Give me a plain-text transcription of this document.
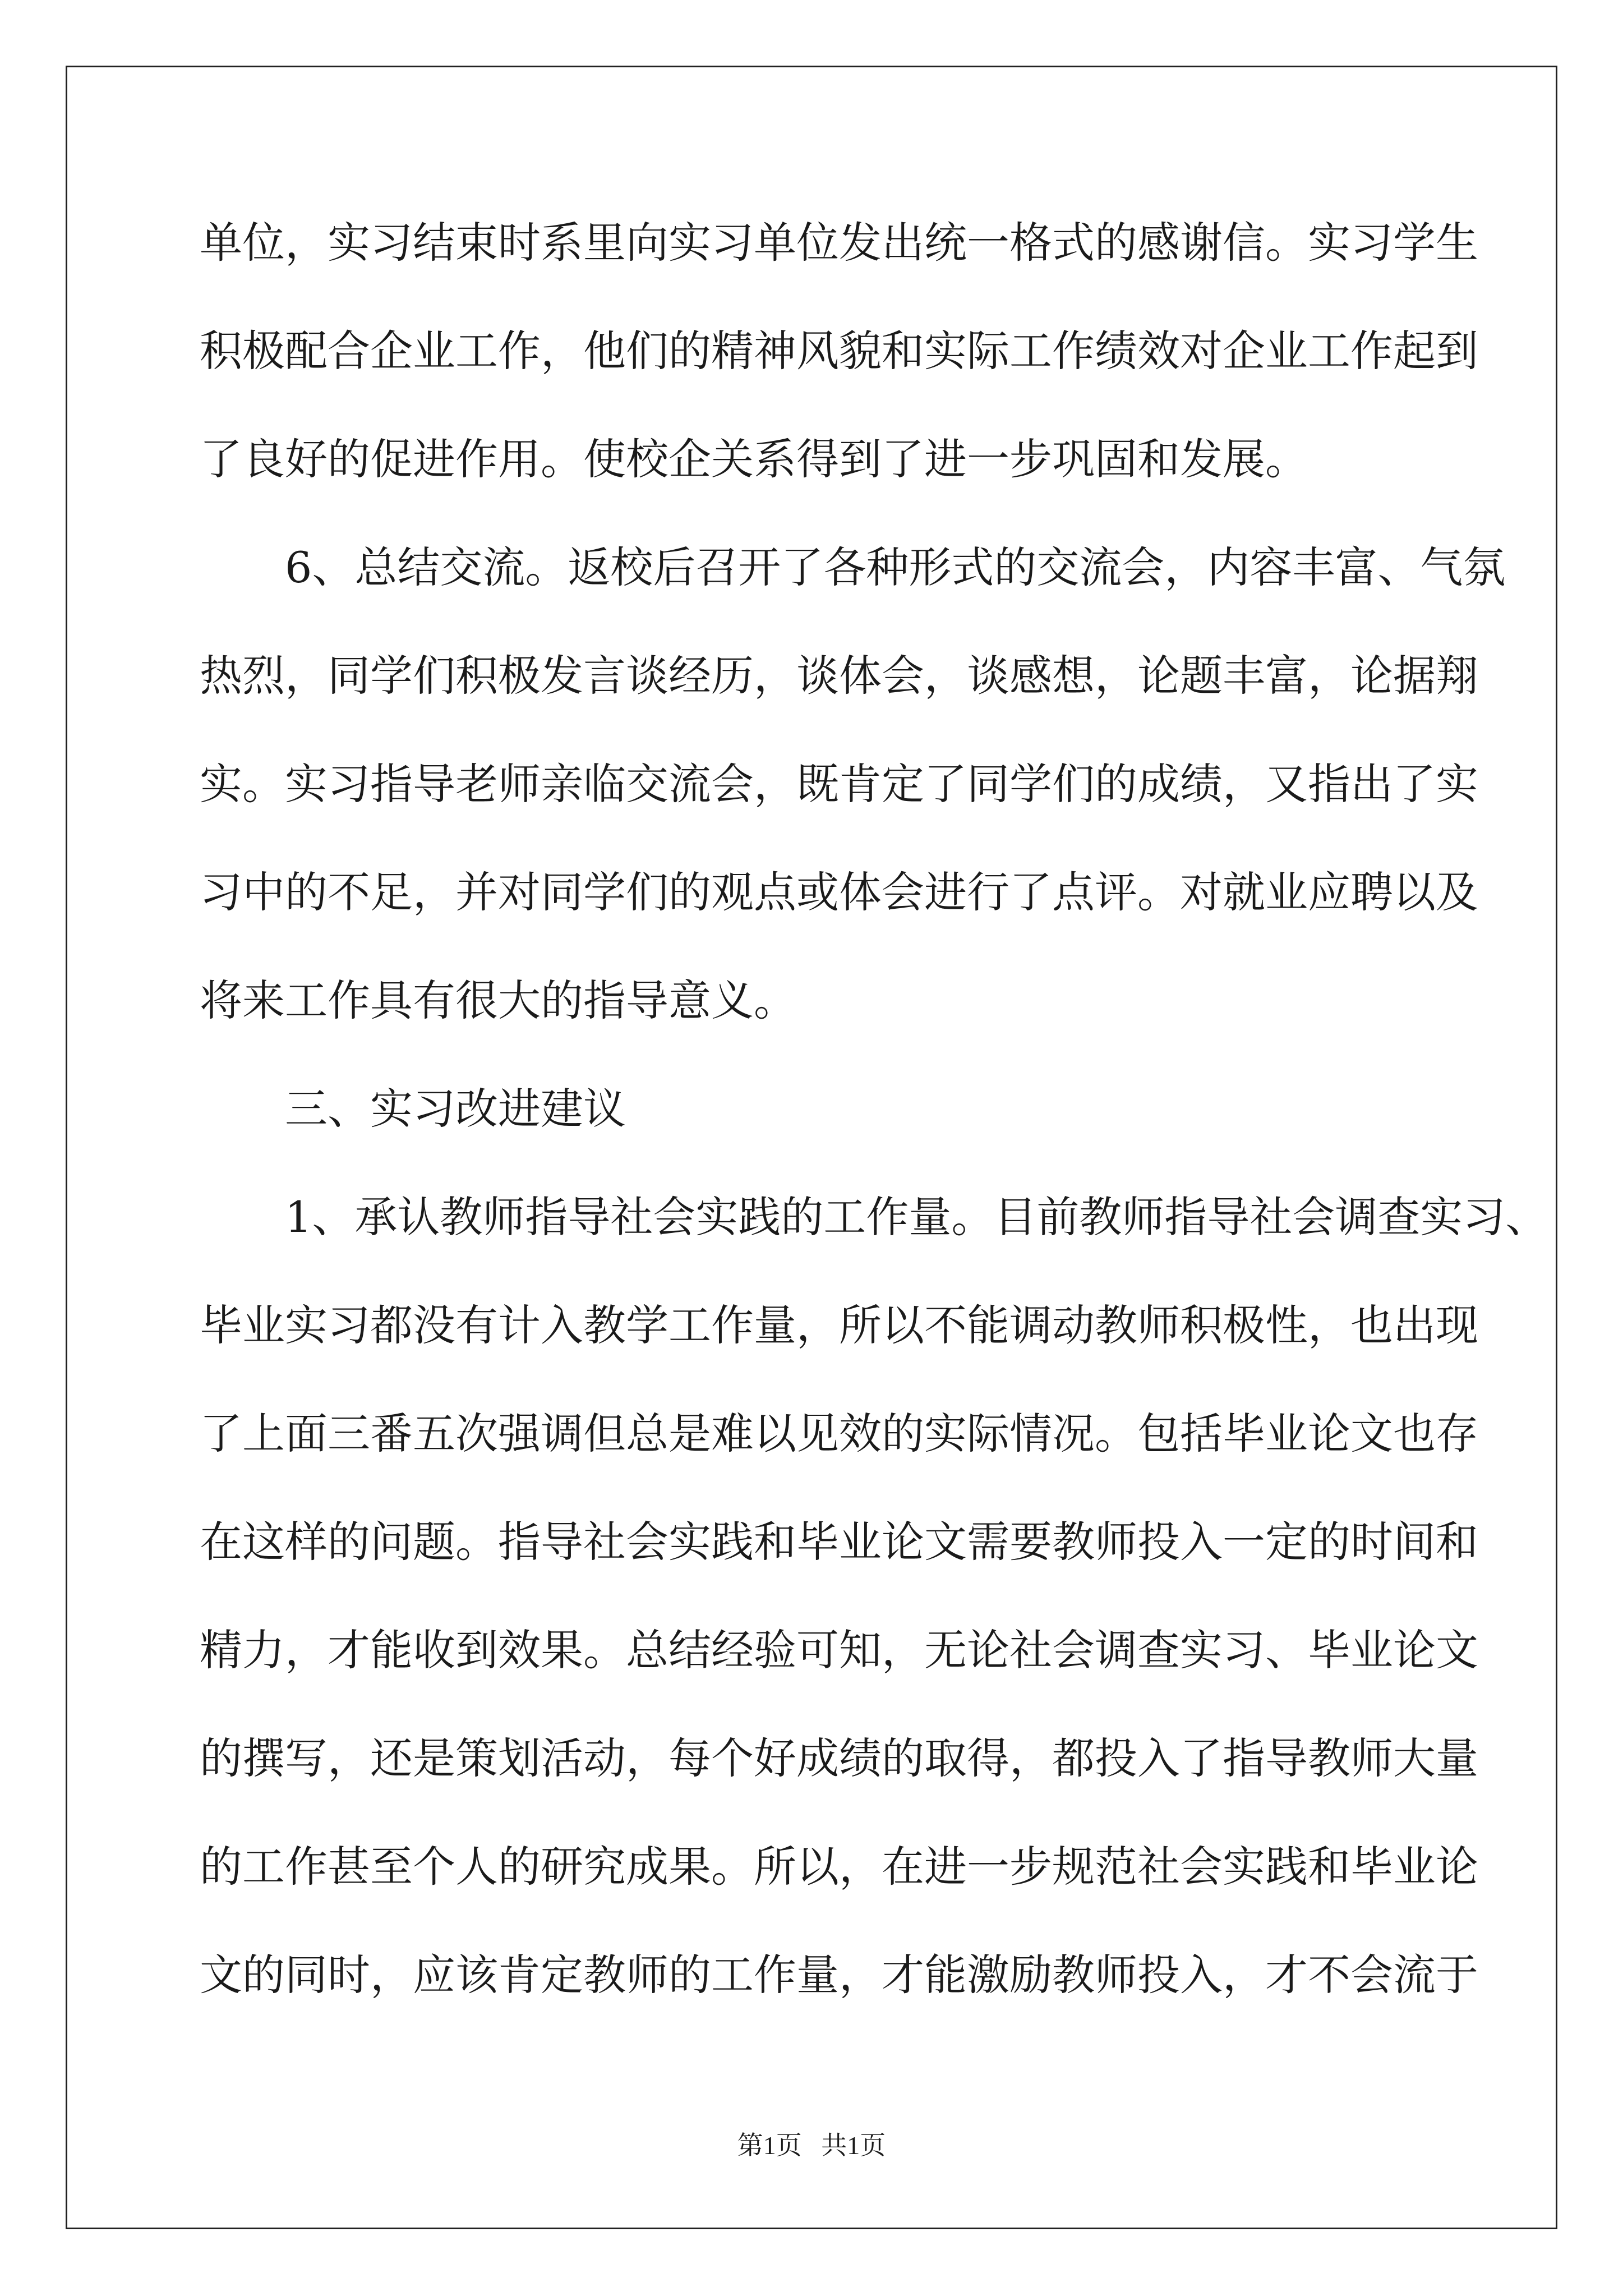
单位，实习结束时系里向实习单位发出统一格式的感谢信。实习学生
积极配合企业工作，他们的精神风貌和实际工作绩效对企业工作起到
了良好的促进作用。使校企关系得到了进一步巩固和发展。
6、总结交流。返校后召开了各种形式的交流会，内容丰富、气氛
热烈，同学们积极发言谈经历，谈体会，谈感想，论题丰富，论据翔
实。实习指导老师亲临交流会，既肯定了同学们的成绩，又指出了实
习中的不足，并对同学们的观点或体会进行了点评。对就业应聘以及
将来工作具有很大的指导意义。
三、实习改进建议
1、承认教师指导社会实践的工作量。目前教师指导社会调查实习、
毕业实习都没有计入教学工作量，所以不能调动教师积极性，也出现
了上面三番五次强调但总是难以见效的实际情况。包括毕业论文也存
在这样的问题。指导社会实践和毕业论文需要教师投入一定的时间和
精力，才能收到效果。总结经验可知，无论社会调查实习、毕业论文
的撰写，还是策划活动，每个好成绩的取得，都投入了指导教师大量
的工作甚至个人的研究成果。所以，在进一步规范社会实践和毕业论
文的同时，应该肯定教师的工作量，才能激励教师投入，才不会流于
第1页   共1页
